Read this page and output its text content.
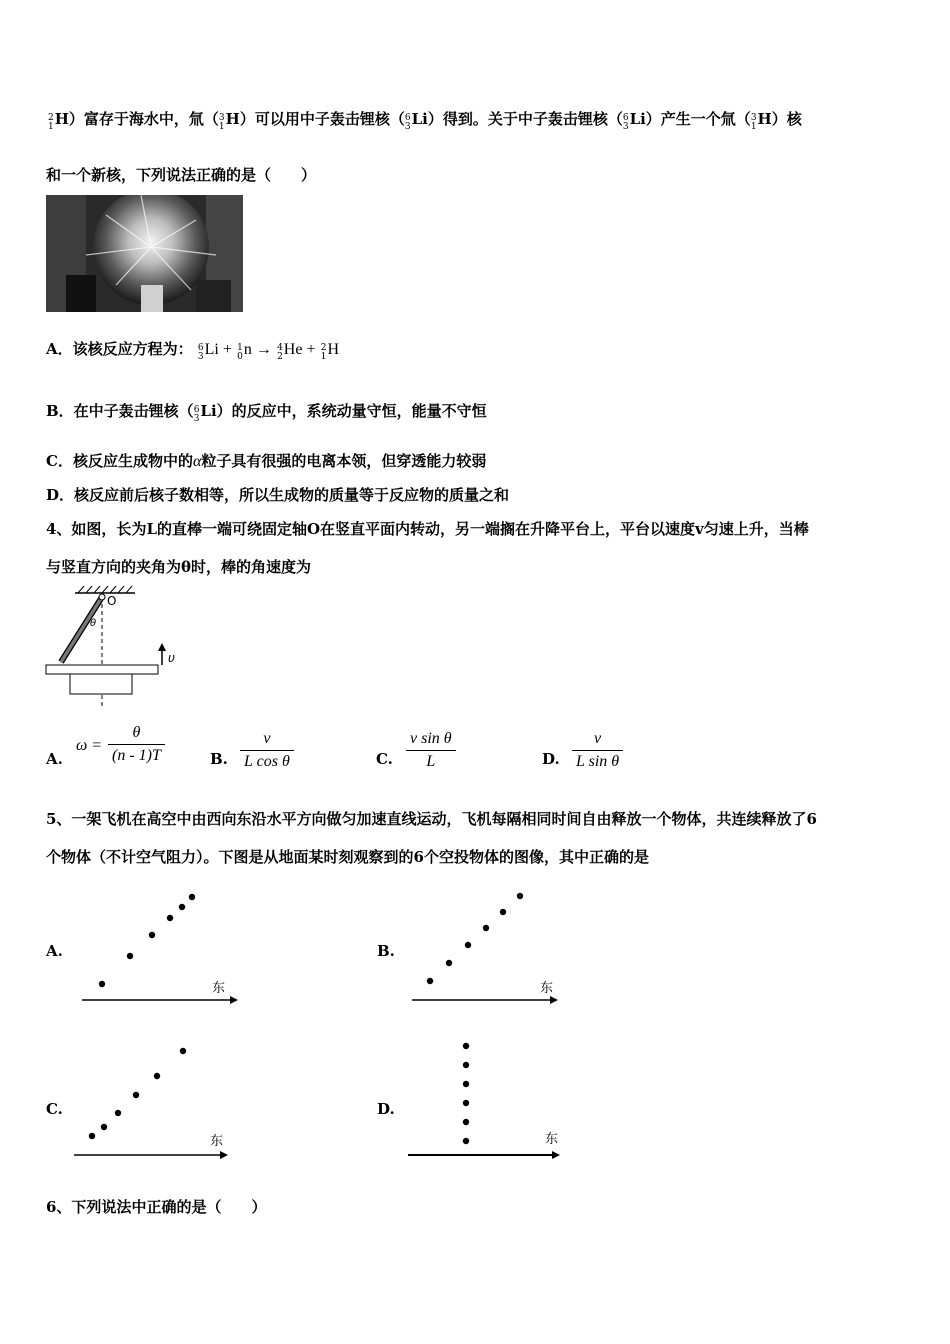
2
1 H）富存于海水中，氚（ 3
1 H）可以用中子轰击锂核（ 6
3 Li）得到。关于中子轰击锂核（ 6
3 Li）产生一个氚（ 3
1 H）核
和一个新核，下列说法正确的是（　　）
A．该核反应方程为： 6
3 Li + 1
0 n → 4
2 He + 2
1 H
B．在中子轰击锂核（ 6
3 Li）的反应中，系统动量守恒，能量不守恒
C．核反应生成物中的α粒子具有很强的电离本领，但穿透能力较弱
D．核反应前后核子数相等，所以生成物的质量等于反应物的质量之和
4、如图，长为L的直棒一端可绕固定轴O在竖直平面内转动，另一端搁在升降平台上，平台以速度v匀速上升，当棒
与竖直方向的夹角为θ时，棒的角速度为
O
θ
υ
A.
ω =
θ
(n - 1)T	B.
v
L cos θ	C.
v sin θ
L	D.
v
L sin θ
5、一架飞机在高空中由西向东沿水平方向做匀加速直线运动，飞机每隔相同时间自由释放一个物体，共连续释放了6
个物体（不计空气阻力）。下图是从地面某时刻观察到的6个空投物体的图像，其中正确的是
A.
东
B.
东
C.
东
D.
东
6、下列说法中正确的是（　　）
